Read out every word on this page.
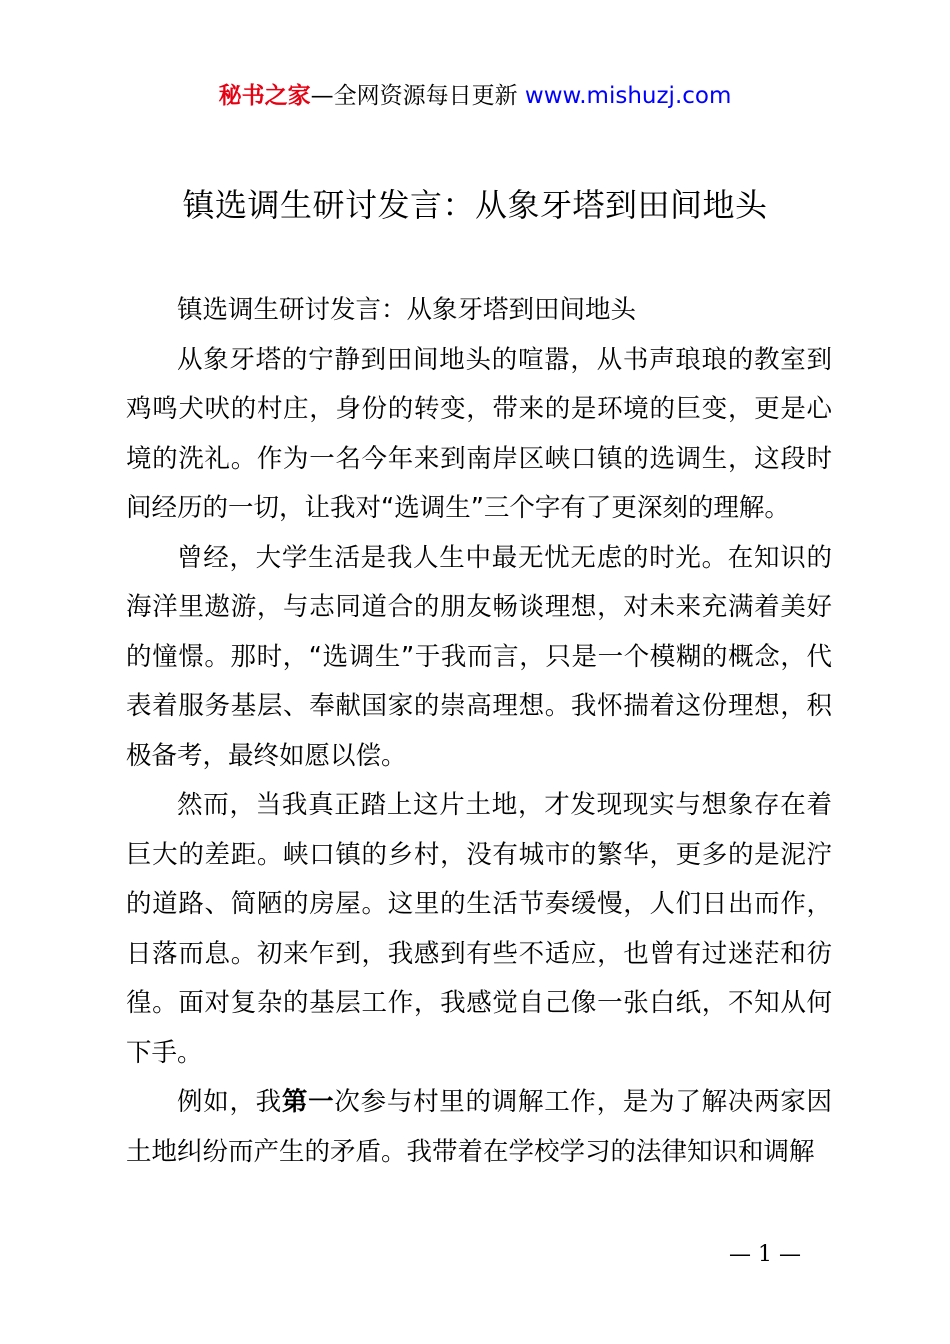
秘书之家—全网资源每日更新 www.mishuzj.com
镇选调生研讨发言：从象牙塔到田间地头

镇选调生研讨发言：从象牙塔到田间地头

从象牙塔的宁静到田间地头的喧嚣，从书声琅琅的教室到鸡鸣犬吠的村庄，身份的转变，带来的是环境的巨变，更是心境的洗礼。作为一名今年来到南岸区峡口镇的选调生，这段时间经历的一切，让我对“选调生”三个字有了更深刻的理解。

曾经，大学生活是我人生中最无忧无虑的时光。在知识的海洋里遨游，与志同道合的朋友畅谈理想，对未来充满着美好的憧憬。那时，“选调生”于我而言，只是一个模糊的概念，代表着服务基层、奉献国家的崇高理想。我怀揣着这份理想，积极备考，最终如愿以偿。

然而，当我真正踏上这片土地，才发现现实与想象存在着巨大的差距。峡口镇的乡村，没有城市的繁华，更多的是泥泞的道路、简陋的房屋。这里的生活节奏缓慢，人们日出而作，日落而息。初来乍到，我感到有些不适应，也曾有过迷茫和彷徨。面对复杂的基层工作，我感觉自己像一张白纸，不知从何下手。

例如，我第一次参与村里的调解工作，是为了解决两家因土地纠纷而产生的矛盾。我带着在学校学习的法律知识和调解

— 1 —
